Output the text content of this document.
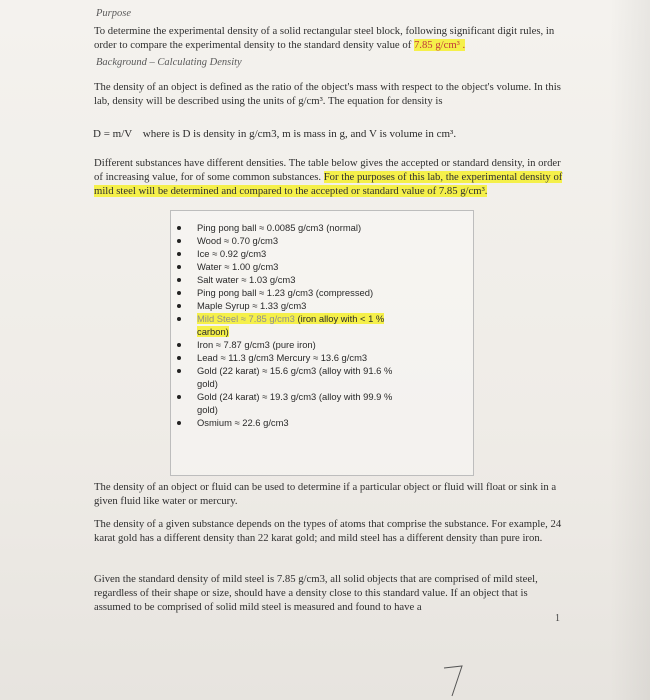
Purpose
To determine the experimental density of a solid rectangular steel block, following significant digit rules, in order to compare the experimental density to the standard density value of 7.85 g/cm³ .
Background – Calculating Density
The density of an object is defined as the ratio of the object's mass with respect to the object's volume. In this lab, density will be described using the units of g/cm³. The equation for density is
D = m/V where is D is density in g/cm3, m is mass in g, and V is volume in cm³.
Different substances have different densities. The table below gives the accepted or standard density, in order of increasing value, for of some common substances. For the purposes of this lab, the experimental density of mild steel will be determined and compared to the accepted or standard value of 7.85 g/cm³.
Ping pong ball ≈ 0.0085 g/cm3 (normal)
Wood ≈ 0.70 g/cm3
Ice ≈ 0.92 g/cm3
Water ≈ 1.00 g/cm3
Salt water ≈ 1.03 g/cm3
Ping pong ball ≈ 1.23 g/cm3 (compressed)
Maple Syrup ≈ 1.33 g/cm3
Mild Steel ≈ 7.85 g/cm3 (iron alloy with < 1 % carbon)
Iron ≈ 7.87 g/cm3 (pure iron)
Lead ≈ 11.3 g/cm3 Mercury ≈ 13.6 g/cm3
Gold (22 karat) ≈ 15.6 g/cm3 (alloy with 91.6 % gold)
Gold (24 karat) ≈ 19.3 g/cm3 (alloy with 99.9 % gold)
Osmium ≈ 22.6 g/cm3
The density of an object or fluid can be used to determine if a particular object or fluid will float or sink in a given fluid like water or mercury.
The density of a given substance depends on the types of atoms that comprise the substance. For example, 24 karat gold has a different density than 22 karat gold; and mild steel has a different density than pure iron.
Given the standard density of mild steel is 7.85 g/cm3, all solid objects that are comprised of mild steel, regardless of their shape or size, should have a density close to this standard value. If an object that is assumed to be comprised of solid mild steel is measured and found to have a
1
